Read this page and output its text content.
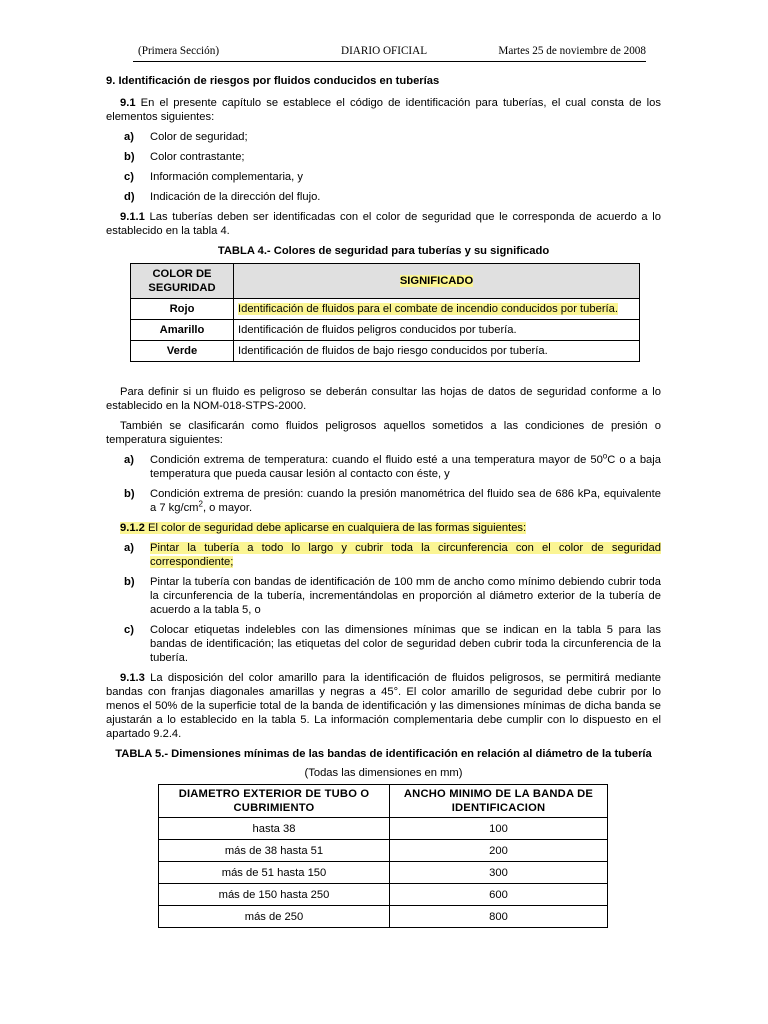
(Primera Sección)	DIARIO OFICIAL	Martes 25 de noviembre de 2008

9. Identificación de riesgos por fluidos conducidos en tuberías

9.1 En el presente capítulo se establece el código de identificación para tuberías, el cual consta de los elementos siguientes:

a) Color de seguridad;
b) Color contrastante;
c) Información complementaria, y
d) Indicación de la dirección del flujo.

9.1.1 Las tuberías deben ser identificadas con el color de seguridad que le corresponda de acuerdo a lo establecido en la tabla 4.

TABLA 4.- Colores de seguridad para tuberías y su significado

COLOR DE SEGURIDAD	SIGNIFICADO
Rojo	Identificación de fluidos para el combate de incendio conducidos por tubería.
Amarillo	Identificación de fluidos peligros conducidos por tubería.
Verde	Identificación de fluidos de bajo riesgo conducidos por tubería.

Para definir si un fluido es peligroso se deberán consultar las hojas de datos de seguridad conforme a lo establecido en la NOM-018-STPS-2000.

También se clasificarán como fluidos peligrosos aquellos sometidos a las condiciones de presión o temperatura siguientes:

a) Condición extrema de temperatura: cuando el fluido esté a una temperatura mayor de 50$^o$C o a baja temperatura que pueda causar lesión al contacto con éste, y
b) Condición extrema de presión: cuando la presión manométrica del fluido sea de 686 kPa, equivalente a 7 $kg/cm^2$, o mayor.

9.1.2 El color de seguridad debe aplicarse en cualquiera de las formas siguientes:

a) Pintar la tubería a todo lo largo y cubrir toda la circunferencia con el color de seguridad correspondiente;
b) Pintar la tubería con bandas de identificación de 100 mm de ancho como mínimo debiendo cubrir toda la circunferencia de la tubería, incrementándolas en proporción al diámetro exterior de la tubería de acuerdo a la tabla 5, o
c) Colocar etiquetas indelebles con las dimensiones mínimas que se indican en la tabla 5 para las bandas de identificación; las etiquetas del color de seguridad deben cubrir toda la circunferencia de la tubería.

9.1.3 La disposición del color amarillo para la identificación de fluidos peligrosos, se permitirá mediante bandas con franjas diagonales amarillas y negras a 45°. El color amarillo de seguridad debe cubrir por lo menos el 50% de la superficie total de la banda de identificación y las dimensiones mínimas de dicha banda se ajustarán a lo establecido en la tabla 5. La información complementaria debe cumplir con lo dispuesto en el apartado 9.2.4.

TABLA 5.- Dimensiones mínimas de las bandas de identificación en relación al diámetro de la tubería

(Todas las dimensiones en mm)

DIAMETRO EXTERIOR DE TUBO O CUBRIMIENTO	ANCHO MINIMO DE LA BANDA DE IDENTIFICACION
hasta 38	100
más de 38 hasta 51	200
más de 51 hasta 150	300
más de 150 hasta 250	600
más de 250	800
